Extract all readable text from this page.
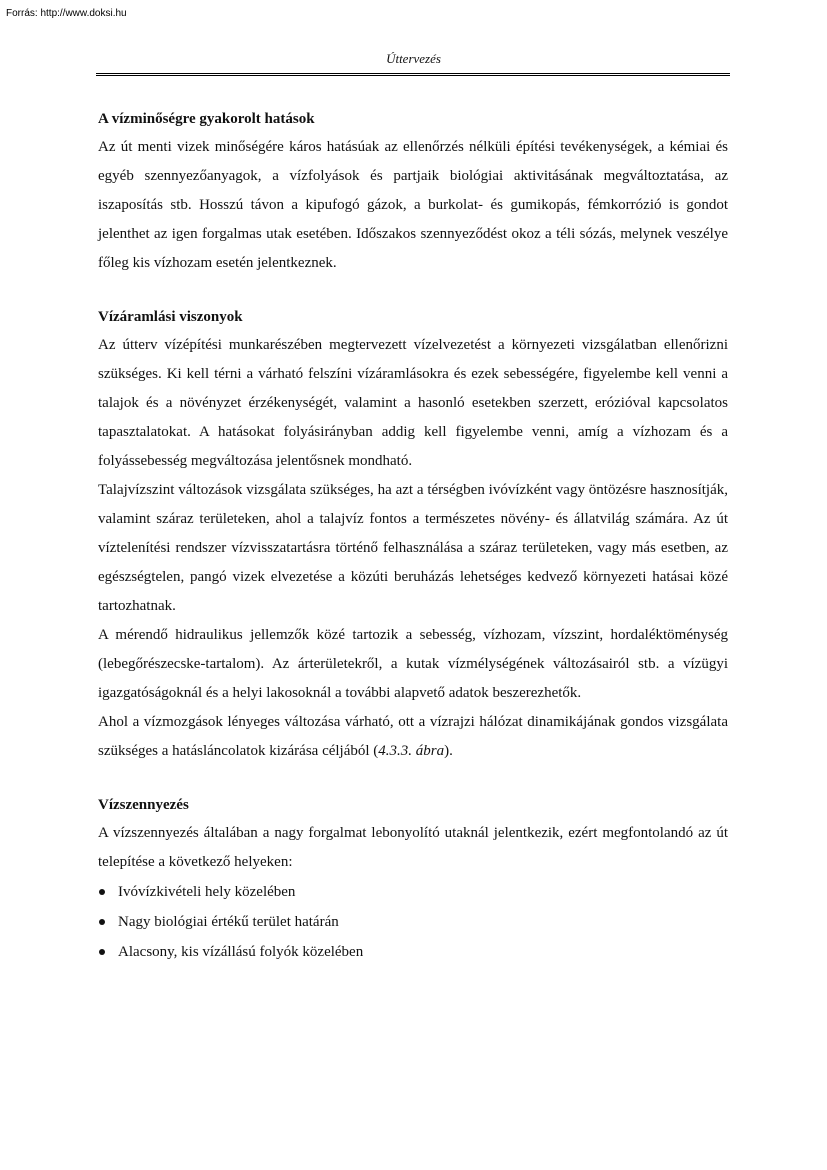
Forrás: http://www.doksi.hu
Úttervezés
A vízminőségre gyakorolt hatások

Az út menti vizek minőségére káros hatásúak az ellenőrzés nélküli építési tevékenységek, a kémiai és egyéb szennyezőanyagok, a vízfolyások és partjaik biológiai aktivitásának megváltoztatása, az iszaposítás stb. Hosszú távon a kipufogó gázok, a burkolat- és gumikopás, fémkorrózió is gondot jelenthet az igen forgalmas utak esetében. Időszakos szennyeződést okoz a téli sózás, melynek veszélye főleg kis vízhozam esetén jelentkeznek.

Vízáramlási viszonyok

Az útterv vízépítési munkarészében megtervezett vízelvezetést a környezeti vizsgálatban ellenőrizni szükséges. Ki kell térni a várható felszíni vízáramlásokra és ezek sebességére, figyelembe kell venni a talajok és a növényzet érzékenységét, valamint a hasonló esetekben szerzett, erózióval kapcsolatos tapasztalatokat. A hatásokat folyásirányban addig kell figyelembe venni, amíg a vízhozam és a folyássebesség megváltozása jelentősnek mondható.

Talajvízszint változások vizsgálata szükséges, ha azt a térségben ivóvízként vagy öntözésre hasznosítják, valamint száraz területeken, ahol a talajvíz fontos a természetes növény- és állatvilág számára. Az út víztelenítési rendszer vízvisszatartásra történő felhasználása a száraz területeken, vagy más esetben, az egészségtelen, pangó vizek elvezetése a közúti beruházás lehetséges kedvező környezeti hatásai közé tartozhatnak.

A mérendő hidraulikus jellemzők közé tartozik a sebesség, vízhozam, vízszint, hordaléktöménység (lebegőrészecske-tartalom). Az árterületekről, a kutak vízmélységének változásairól stb. a vízügyi igazgatóságoknál és a helyi lakosoknál a további alapvető adatok beszerezhetők.

Ahol a vízmozgások lényeges változása várható, ott a vízrajzi hálózat dinamikájának gondos vizsgálata szükséges a hatásláncolatok kizárása céljából (4.3.3. ábra).

Vízszennyezés

A vízszennyezés általában a nagy forgalmat lebonyolító utaknál jelentkezik, ezért megfontolandó az út telepítése a következő helyeken:

Ivóvízkivételi hely közelében
Nagy biológiai értékű terület határán
Alacsony, kis vízállású folyók közelében
